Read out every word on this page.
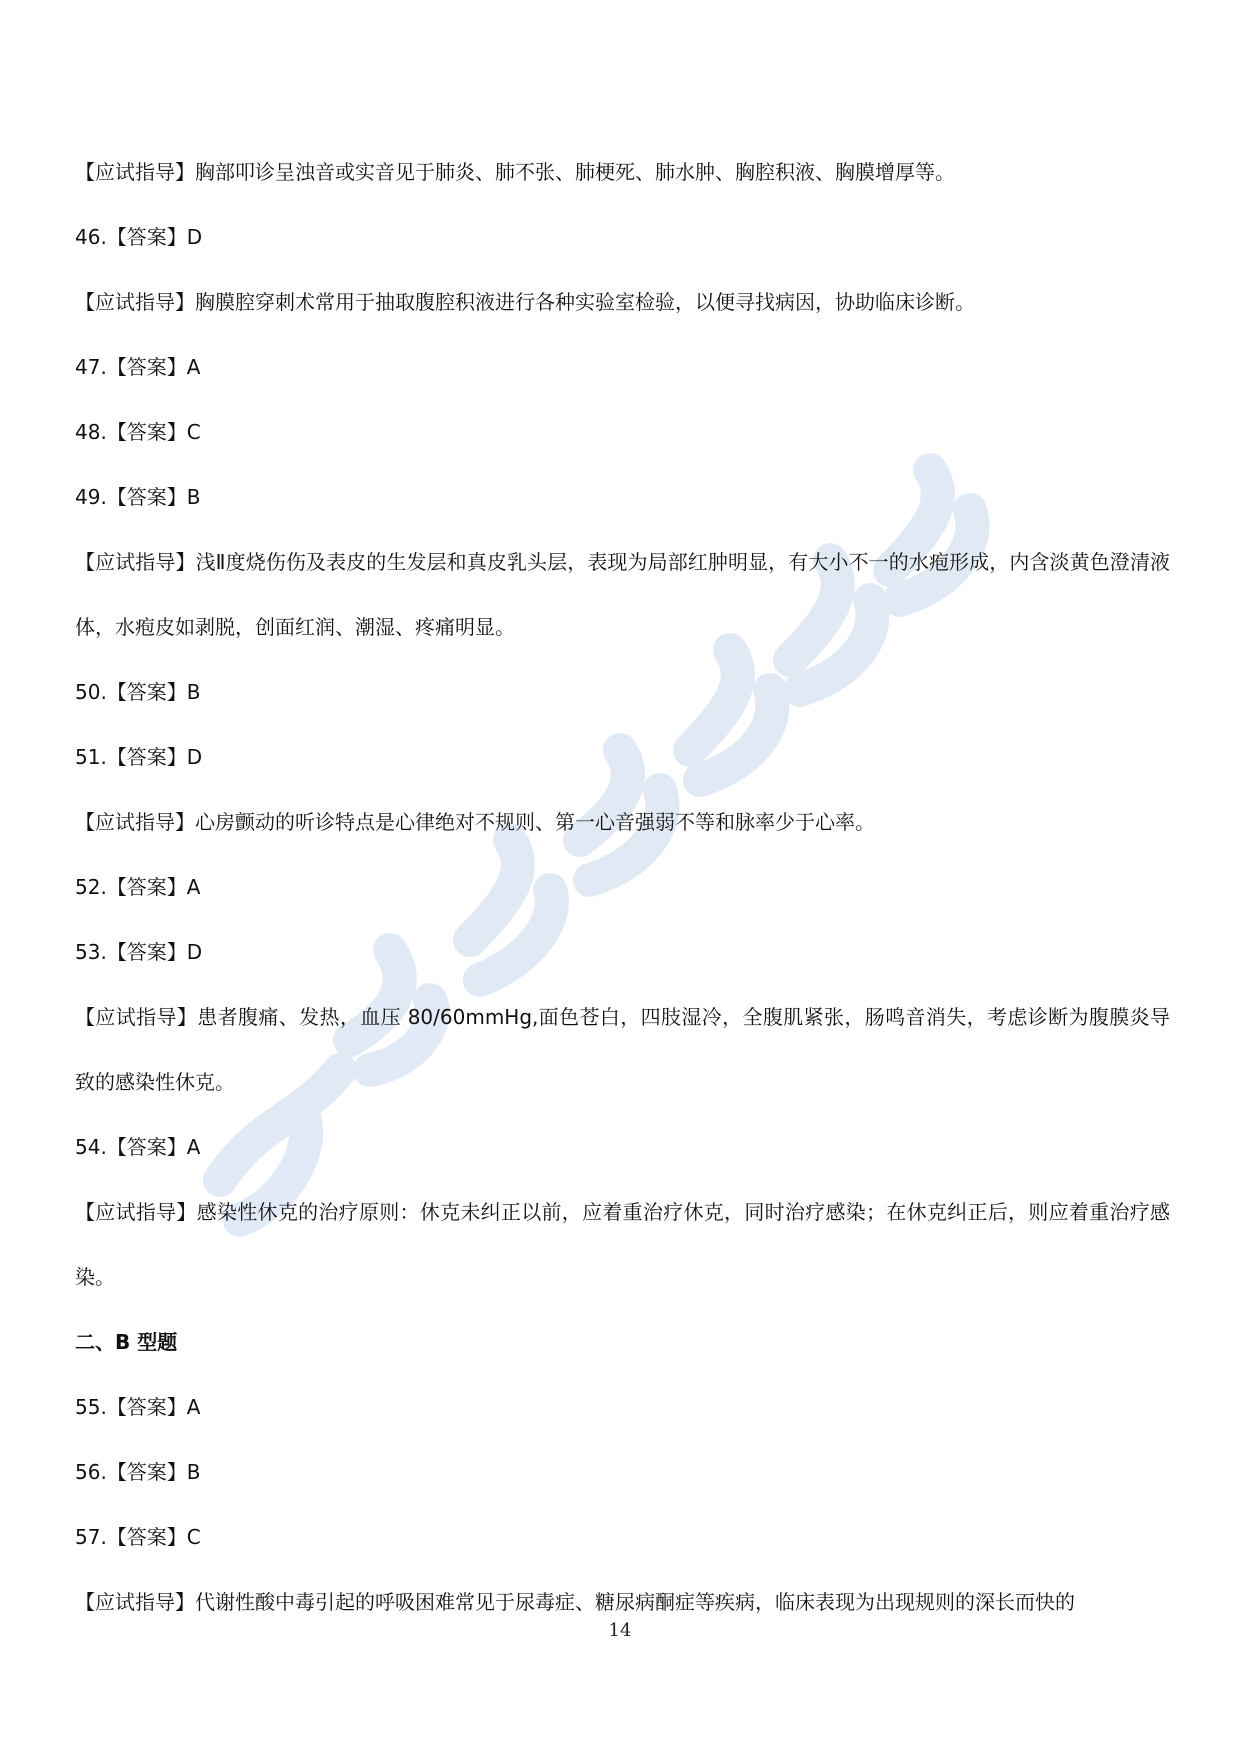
【应试指导】胸部叩诊呈浊音或实音见于肺炎、肺不张、肺梗死、肺水肿、胸腔积液、胸膜增厚等。
46.【答案】D
【应试指导】胸膜腔穿刺术常用于抽取腹腔积液进行各种实验室检验，以便寻找病因，协助临床诊断。
47.【答案】A
48.【答案】C
49.【答案】B
【应试指导】浅Ⅱ度烧伤伤及表皮的生发层和真皮乳头层，表现为局部红肿明显，有大小不一的水疱形成，内含淡黄色澄清液体，水疱皮如剥脱，创面红润、潮湿、疼痛明显。
50.【答案】B
51.【答案】D
【应试指导】心房颤动的听诊特点是心律绝对不规则、第一心音强弱不等和脉率少于心率。
52.【答案】A
53.【答案】D
【应试指导】患者腹痛、发热，血压 80/60mmHg,面色苍白，四肢湿冷，全腹肌紧张，肠鸣音消失，考虑诊断为腹膜炎导致的感染性休克。
54.【答案】A
【应试指导】感染性休克的治疗原则：休克未纠正以前，应着重治疗休克，同时治疗感染；在休克纠正后，则应着重治疗感染。
二、B 型题
55.【答案】A
56.【答案】B
57.【答案】C
【应试指导】代谢性酸中毒引起的呼吸困难常见于尿毒症、糖尿病酮症等疾病，临床表现为出现规则的深长而快的
14
